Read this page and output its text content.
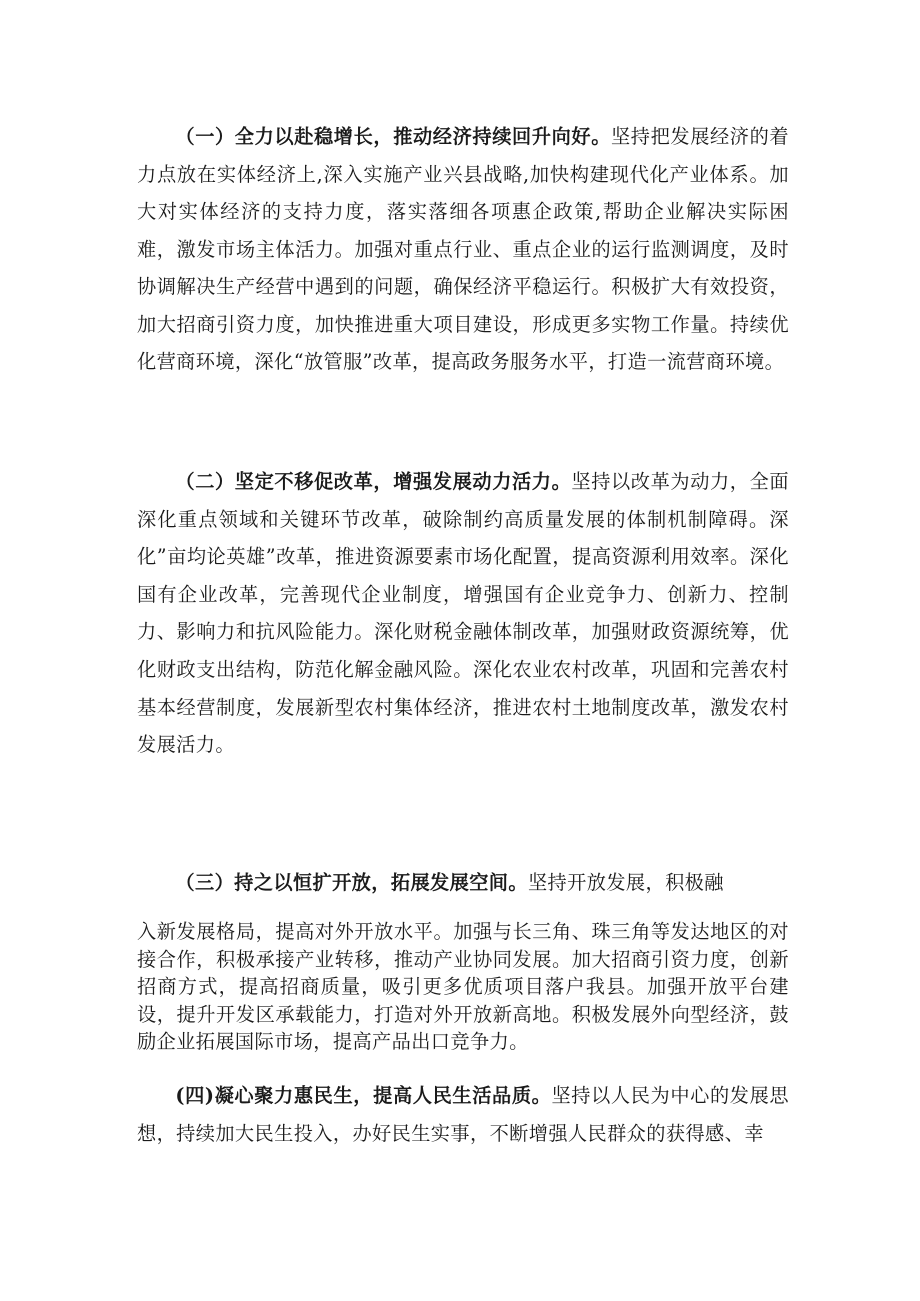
（一）全力以赴稳增长，推动经济持续回升向好。坚持把发展经济的着力点放在实体经济上,深入实施产业兴县战略,加快构建现代化产业体系。加大对实体经济的支持力度，落实落细各项惠企政策,帮助企业解决实际困难，激发市场主体活力。加强对重点行业、重点企业的运行监测调度，及时协调解决生产经营中遇到的问题，确保经济平稳运行。积极扩大有效投资，加大招商引资力度，加快推进重大项目建设，形成更多实物工作量。持续优化营商环境，深化“放管服”改革，提高政务服务水平，打造一流营商环境。

（二）坚定不移促改革，增强发展动力活力。坚持以改革为动力，全面深化重点领域和关键环节改革，破除制约高质量发展的体制机制障碍。深化”亩均论英雄”改革，推进资源要素市场化配置，提高资源利用效率。深化国有企业改革，完善现代企业制度，增强国有企业竞争力、创新力、控制力、影响力和抗风险能力。深化财税金融体制改革，加强财政资源统筹，优化财政支出结构，防范化解金融风险。深化农业农村改革，巩固和完善农村基本经营制度，发展新型农村集体经济，推进农村土地制度改革，激发农村发展活力。

（三）持之以恒扩开放，拓展发展空间。坚持开放发展，积极融

入新发展格局，提高对外开放水平。加强与长三角、珠三角等发达地区的对接合作，积极承接产业转移，推动产业协同发展。加大招商引资力度，创新招商方式，提高招商质量，吸引更多优质项目落户我县。加强开放平台建设，提升开发区承载能力，打造对外开放新高地。积极发展外向型经济，鼓励企业拓展国际市场，提高产品出口竞争力。

(四)凝心聚力惠民生，提高人民生活品质。坚持以人民为中心的发展思想，持续加大民生投入，办好民生实事，不断增强人民群众的获得感、幸
